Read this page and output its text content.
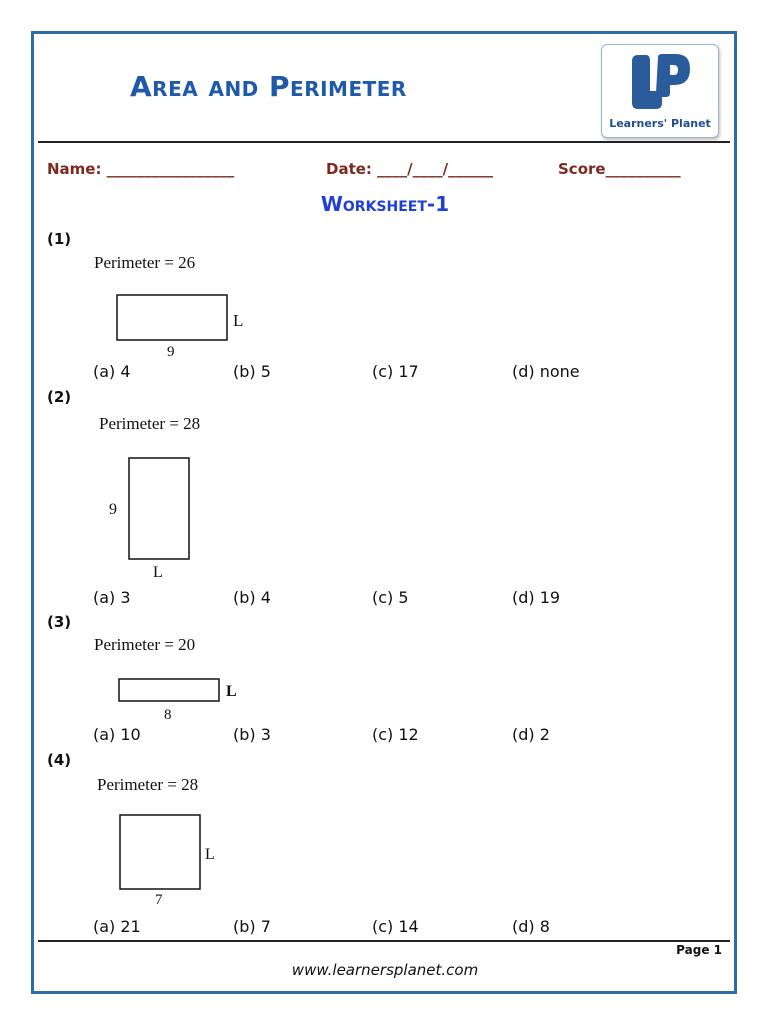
Area and Perimeter
Learners' Planet
Name: _________________	Date: ____/____/______	Score__________
Worksheet-1
(1)
Perimeter = 26
L
9
(a) 4	(b) 5	(c) 17	(d) none
(2)
Perimeter = 28
9
L
(a) 3	(b) 4	(c) 5	(d) 19
(3)
Perimeter = 20
L
8
(a) 10	(b) 3	(c) 12	(d) 2
(4)
Perimeter = 28
L
7
(a) 21	(b) 7	(c) 14	(d) 8
Page 1
www.learnersplanet.com
